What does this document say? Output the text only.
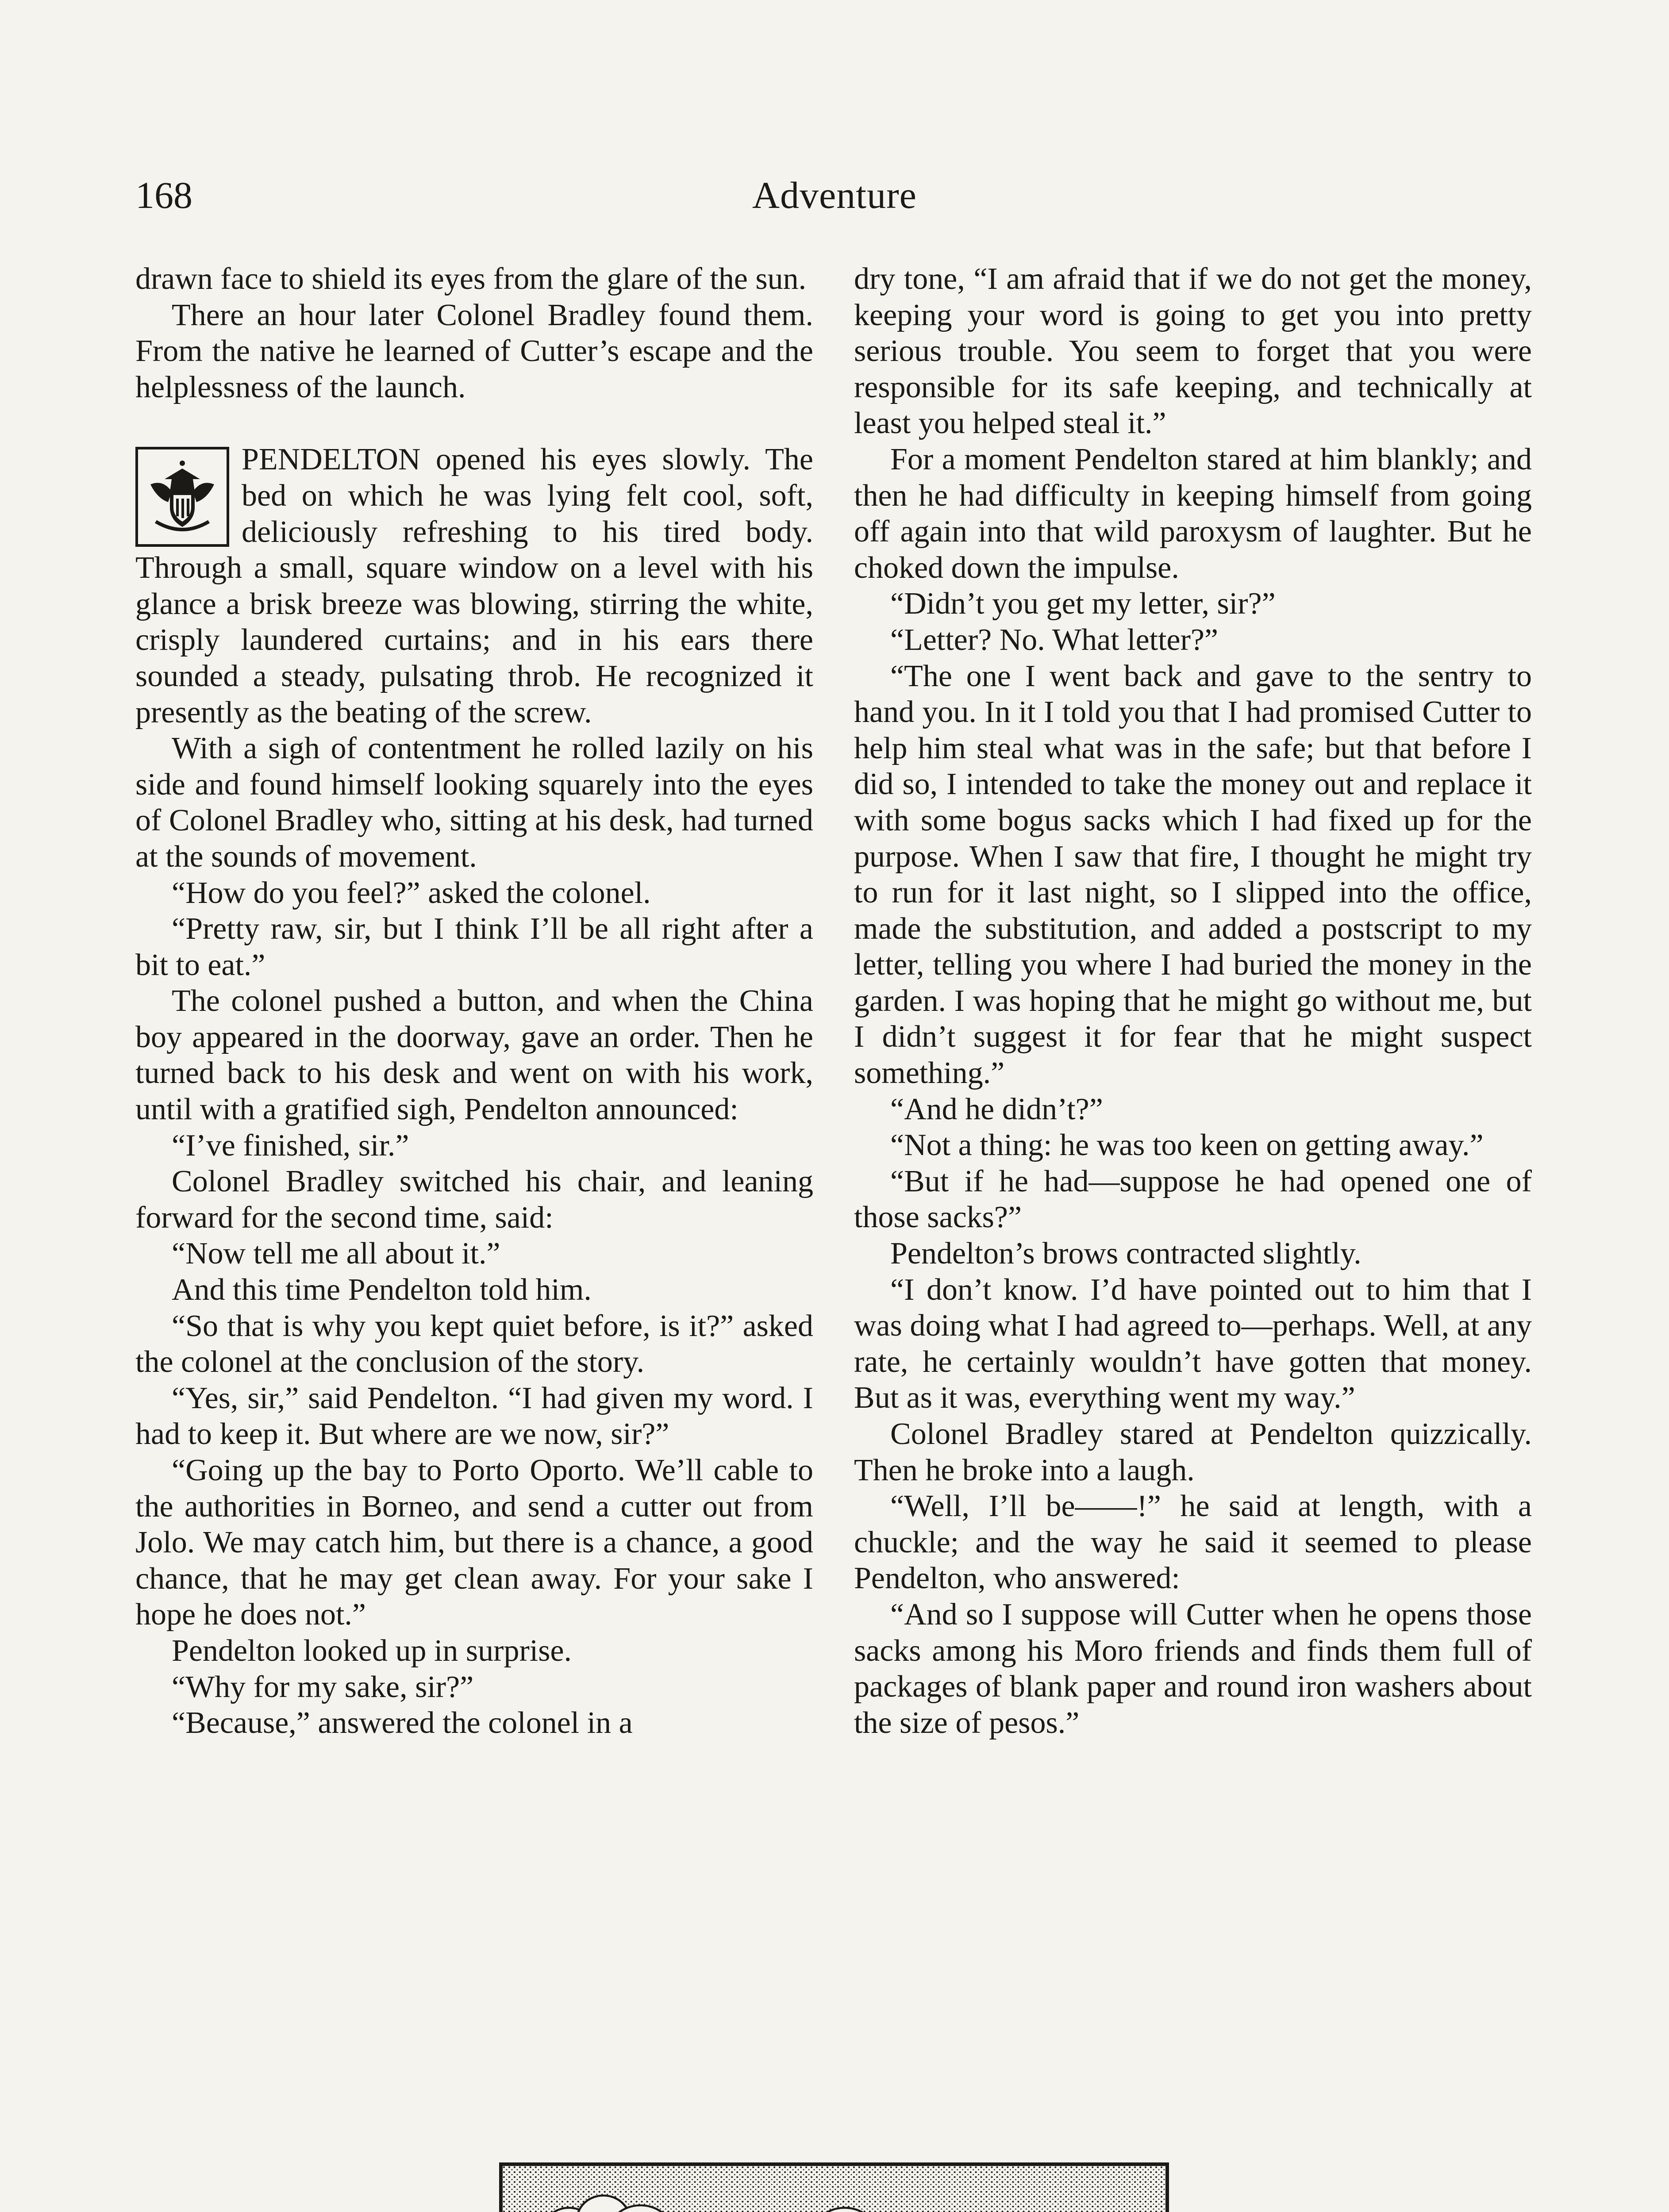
168	Adventure

drawn face to shield its eyes from the glare of the sun.

There an hour later Colonel Bradley found them. From the native he learned of Cutter’s escape and the helplessness of the launch.

PENDELTON opened his eyes slowly. The bed on which he was lying felt cool, soft, deliciously refreshing to his tired body. Through a small, square window on a level with his glance a brisk breeze was blowing, stirring the white, crisply laundered curtains; and in his ears there sounded a steady, pulsating throb. He recognized it presently as the beating of the screw.

With a sigh of contentment he rolled lazily on his side and found himself looking squarely into the eyes of Colonel Bradley who, sitting at his desk, had turned at the sounds of movement.

“How do you feel?” asked the colonel.

“Pretty raw, sir, but I think I’ll be all right after a bit to eat.”

The colonel pushed a button, and when the China boy appeared in the doorway, gave an order. Then he turned back to his desk and went on with his work, until with a gratified sigh, Pendelton announced:

“I’ve finished, sir.”

Colonel Bradley switched his chair, and leaning forward for the second time, said:

“Now tell me all about it.”

And this time Pendelton told him.

“So that is why you kept quiet before, is it?” asked the colonel at the conclusion of the story.

“Yes, sir,” said Pendelton. “I had given my word. I had to keep it. But where are we now, sir?”

“Going up the bay to Porto Oporto. We’ll cable to the authorities in Borneo, and send a cutter out from Jolo. We may catch him, but there is a chance, a good chance, that he may get clean away. For your sake I hope he does not.”

Pendelton looked up in surprise.

“Why for my sake, sir?”

“Because,” answered the colonel in a

dry tone, “I am afraid that if we do not get the money, keeping your word is going to get you into pretty serious trouble. You seem to forget that you were responsible for its safe keeping, and technically at least you helped steal it.”

For a moment Pendelton stared at him blankly; and then he had difficulty in keeping himself from going off again into that wild paroxysm of laughter. But he choked down the impulse.

“Didn’t you get my letter, sir?”

“Letter? No. What letter?”

“The one I went back and gave to the sentry to hand you. In it I told you that I had promised Cutter to help him steal what was in the safe; but that before I did so, I intended to take the money out and replace it with some bogus sacks which I had fixed up for the purpose. When I saw that fire, I thought he might try to run for it last night, so I slipped into the office, made the substitution, and added a postscript to my letter, telling you where I had buried the money in the garden. I was hoping that he might go without me, but I didn’t suggest it for fear that he might suspect something.”

“And he didn’t?”

“Not a thing: he was too keen on getting away.”

“But if he had—suppose he had opened one of those sacks?”

Pendelton’s brows contracted slightly.

“I don’t know. I’d have pointed out to him that I was doing what I had agreed to—perhaps. Well, at any rate, he certainly wouldn’t have gotten that money. But as it was, everything went my way.”

Colonel Bradley stared at Pendelton quizzically. Then he broke into a laugh.

“Well, I’ll be——!” he said at length, with a chuckle; and the way he said it seemed to please Pendelton, who answered:

“And so I suppose will Cutter when he opens those sacks among his Moro friends and finds them full of packages of blank paper and round iron washers about the size of pesos.”
